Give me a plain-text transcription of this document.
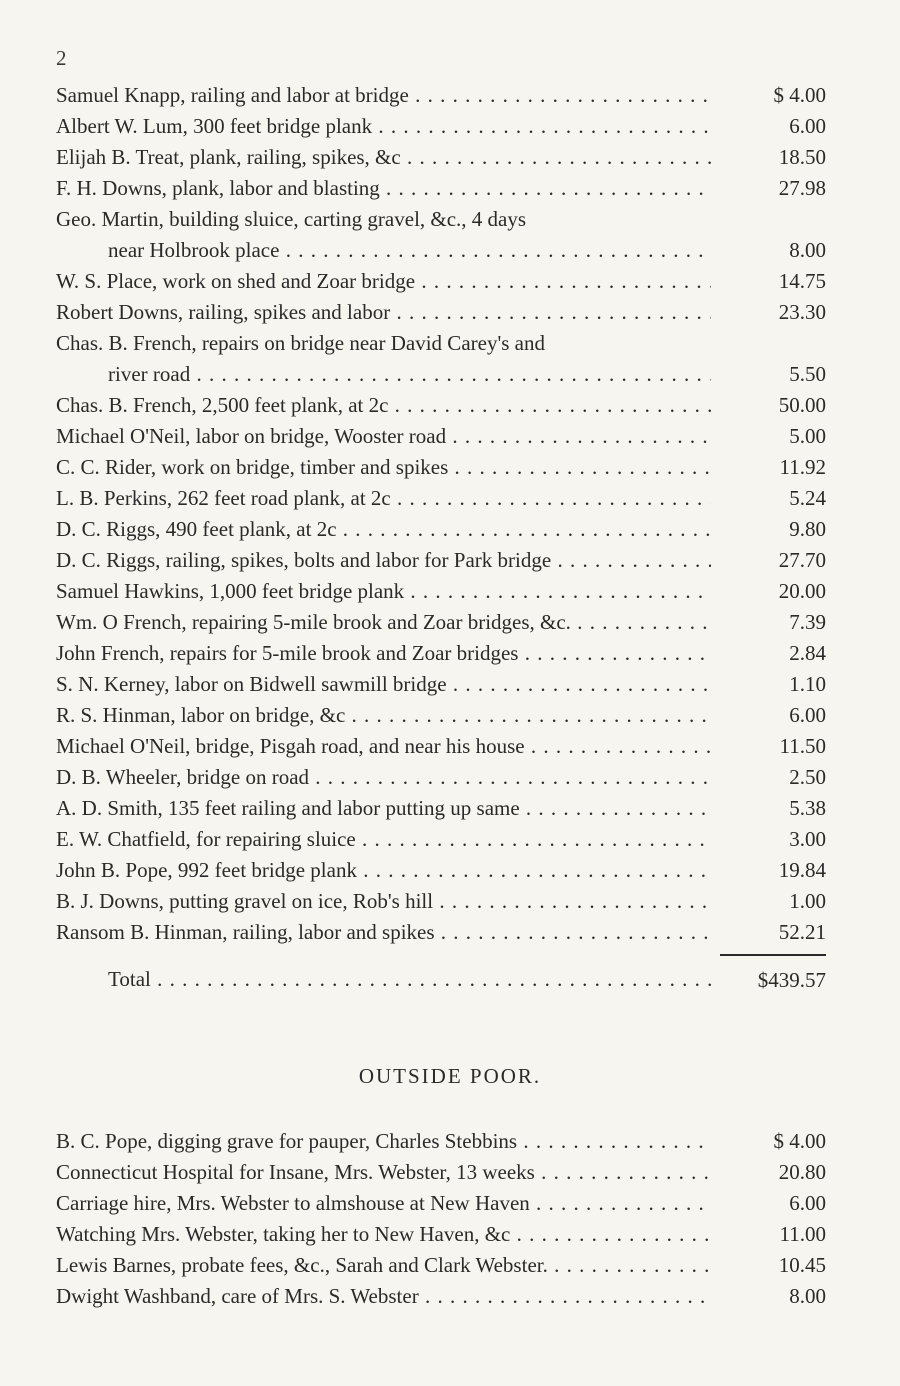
2
Samuel Knapp, railing and labor at bridge . . .	$ 4.00
Albert W. Lum, 300 feet bridge plank . . .	6.00
Elijah B. Treat, plank, railing, spikes, &c . . .	18.50
F. H. Downs, plank, labor and blasting . . .	27.98
Geo. Martin, building sluice, carting gravel, &c., 4 days
near Holbrook place . . .	8.00
W. S. Place, work on shed and Zoar bridge . . .	14.75
Robert Downs, railing, spikes and labor . . .	23.30
Chas. B. French, repairs on bridge near David Carey's and
river road . . .	5.50
Chas. B. French, 2,500 feet plank, at 2c . . .	50.00
Michael O'Neil, labor on bridge, Wooster road . . .	5.00
C. C. Rider, work on bridge, timber and spikes . . .	11.92
L. B. Perkins, 262 feet road plank, at 2c . . .	5.24
D. C. Riggs, 490 feet plank, at 2c . . .	9.80
D. C. Riggs, railing, spikes, bolts and labor for Park bridge . . .	27.70
Samuel Hawkins, 1,000 feet bridge plank . . .	20.00
Wm. O French, repairing 5-mile brook and Zoar bridges, &c. . . .	7.39
John French, repairs for 5-mile brook and Zoar bridges . . .	2.84
S. N. Kerney, labor on Bidwell sawmill bridge . . .	1.10
R. S. Hinman, labor on bridge, &c . . .	6.00
Michael O'Neil, bridge, Pisgah road, and near his house . . .	11.50
D. B. Wheeler, bridge on road . . .	2.50
A. D. Smith, 135 feet railing and labor putting up same . . .	5.38
E. W. Chatfield, for repairing sluice . . .	3.00
John B. Pope, 992 feet bridge plank . . .	19.84
B. J. Downs, putting gravel on ice, Rob's hill . . .	1.00
Ransom B. Hinman, railing, labor and spikes . . .	52.21
Total . . .	$439.57
OUTSIDE POOR.
B. C. Pope, digging grave for pauper, Charles Stebbins . . .	$ 4.00
Connecticut Hospital for Insane, Mrs. Webster, 13 weeks . . .	20.80
Carriage hire, Mrs. Webster to almshouse at New Haven . . .	6.00
Watching Mrs. Webster, taking her to New Haven, &c . . .	11.00
Lewis Barnes, probate fees, &c., Sarah and Clark Webster. . . .	10.45
Dwight Washband, care of Mrs. S. Webster . . .	8.00
